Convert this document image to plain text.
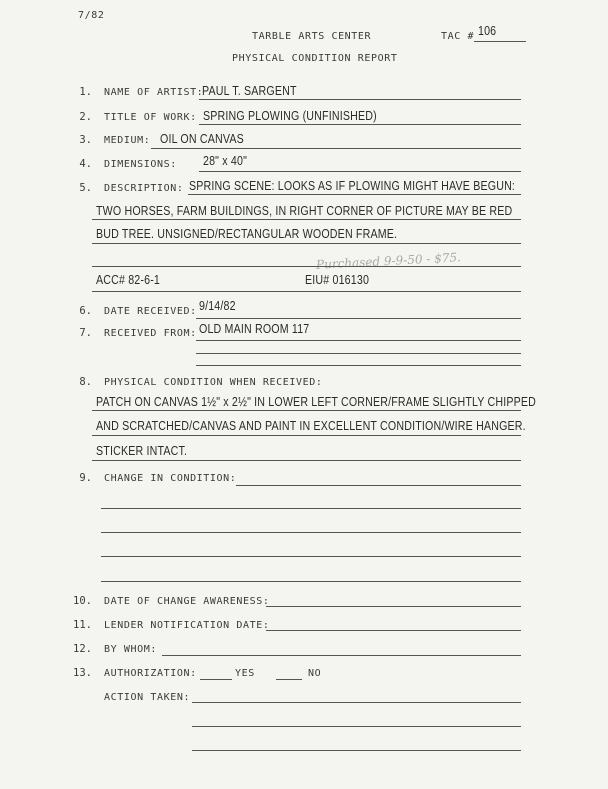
7/82
TARBLE ARTS CENTER	TAC # 106
PHYSICAL CONDITION REPORT
1. NAME OF ARTIST:
PAUL T. SARGENT
2. TITLE OF WORK: SPRING PLOWING (UNFINISHED)
3. MEDIUM: OIL ON CANVAS
4. DIMENSIONS: 28" x 40"
5. DESCRIPTION: SPRING SCENE: LOOKS AS IF PLOWING MIGHT HAVE BEGUN:
TWO HORSES, FARM BUILDINGS, IN RIGHT CORNER OF PICTURE MAY BE RED
BUD TREE. UNSIGNED/RECTANGULAR WOODEN FRAME.
Purchased 9-9-50 - $75.
ACC# 82-6-1	EIU# 016130
6. DATE RECEIVED: 9/14/82
7. RECEIVED FROM: OLD MAIN ROOM 117
8. PHYSICAL CONDITION WHEN RECEIVED:
PATCH ON CANVAS 1½" x 2½" IN LOWER LEFT CORNER/FRAME SLIGHTLY CHIPPED
AND SCRATCHED/CANVAS AND PAINT IN EXCELLENT CONDITION/WIRE HANGER.
STICKER INTACT.
9. CHANGE IN CONDITION:
10. DATE OF CHANGE AWARENESS:
11. LENDER NOTIFICATION DATE:
12. BY WHOM:
13. AUTHORIZATION:	YES	NO
ACTION TAKEN:
